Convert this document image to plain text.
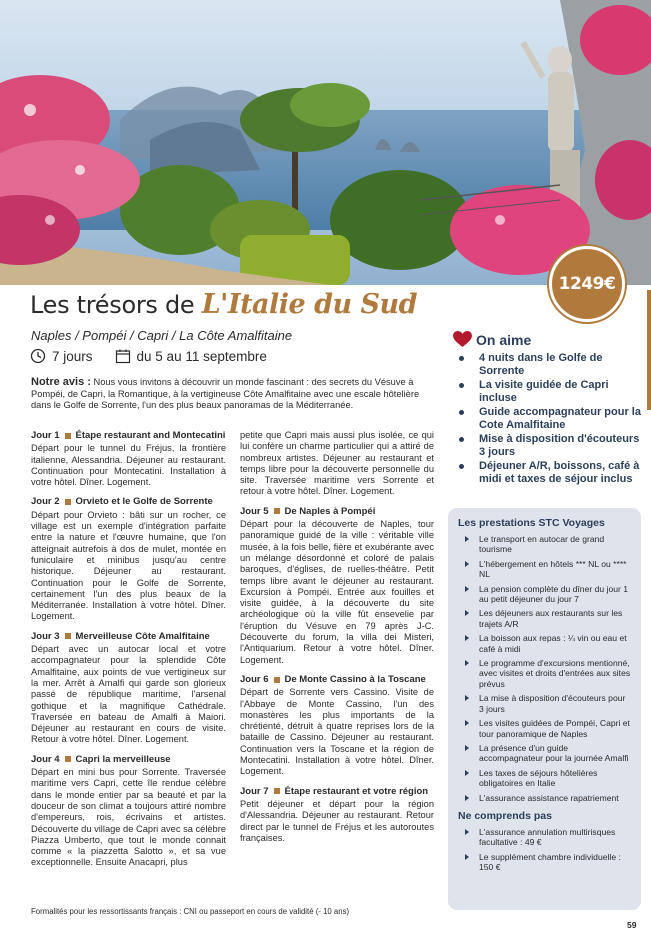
1249€
Les trésors de L'Italie du Sud
Naples / Pompéi / Capri / La Côte Amalfitaine
7 jours	du 5 au 11 septembre
Notre avis : Nous vous invitons à découvrir un monde fascinant : des secrets du Vésuve à Pompéi, de Capri, la Romantique, à la vertigineuse Côte Amalfitaine avec une escale hôtelière dans le Golfe de Sorrente, l'un des plus beaux panoramas de la Méditerranée.
On aime
4 nuits dans le Golfe de Sorrente
La visite guidée de Capri incluse
Guide accompagnateur pour la Cote Amalfitaine
Mise à disposition d'écouteurs 3 jours
Déjeuner A/R, boissons, café à midi et taxes de séjour inclus
Jour 1 Étape restaurant and Montecatini
Départ pour le tunnel du Fréjus, la frontière italienne, Alessandria. Déjeuner au restaurant. Continuation pour Montecatini. Installation à votre hôtel. Dîner. Logement.
Jour 2 Orvieto et le Golfe de Sorrente
Départ pour Orvieto : bâti sur un rocher, ce village est un exemple d'intégration parfaite entre la nature et l'œuvre humaine, que l'on atteignait autrefois à dos de mulet, montée en funiculaire et minibus jusqu'au centre historique. Déjeuner au restaurant. Continuation pour le Golfe de Sorrente, certainement l'un des plus beaux de la Méditerranée. Installation à votre hôtel. Dîner. Logement.
Jour 3 Merveilleuse Côte Amalfitaine
Départ avec un autocar local et votre accompagnateur pour la splendide Côte Amalfitaine, aux points de vue vertigineux sur la mer. Arrêt à Amalfi qui garde son glorieux passé de république maritime, l'arsenal gothique et la magnifique Cathédrale. Traversée en bateau de Amalfi à Maiori. Déjeuner au restaurant en cours de visite. Retour à votre hôtel. Dîner. Logement.
Jour 4 Capri la merveilleuse
Départ en mini bus pour Sorrente. Traversée maritime vers Capri, cette île rendue célèbre dans le monde entier par sa beauté et par la douceur de son climat a toujours attiré nombre d'empereurs, rois, écrivains et artistes. Découverte du village de Capri avec sa célèbre Piazza Umberto, que tout le monde connait comme « la piazzetta Salotto », et sa vue exceptionnelle. Ensuite Anacapri, plus
petite que Capri mais aussi plus isolée, ce qui lui confère un charme particulier qui a attiré de nombreux artistes. Déjeuner au restaurant et temps libre pour la découverte personnelle du site. Traversée maritime vers Sorrente et retour à votre hôtel. Dîner. Logement.
Jour 5 De Naples à Pompéi
Départ pour la découverte de Naples, tour panoramique guidé de la ville : véritable ville musée, à la fois belle, fière et exubérante avec un mélange désordonné et coloré de palais baroques, d'églises, de ruelles-théâtre. Petit temps libre avant le déjeuner au restaurant. Excursion à Pompéi. Entrée aux fouilles et visite guidée, à la découverte du site archéologique où la ville fût ensevelie par l'éruption du Vésuve en 79 après J-C. Découverte du forum, la villa dei Misteri, l'Antiquarium. Retour à votre hôtel. Dîner. Logement.
Jour 6 De Monte Cassino à la Toscane
Départ de Sorrente vers Cassino. Visite de l'Abbaye de Monte Cassino, l'un des monastères les plus importants de la chrétienté, détruit à quatre reprises lors de la bataille de Cassino. Déjeuner au restaurant. Continuation vers la Toscane et la région de Montecatini. Installation à votre hôtel. Dîner. Logement.
Jour 7 Étape restaurant et votre région
Petit déjeuner et départ pour la région d'Alessandria. Déjeuner au restaurant. Retour direct par le tunnel de Fréjus et les autoroutes françaises.
Les prestations STC Voyages
Le transport en autocar de grand tourisme
L'hébergement en hôtels *** NL ou **** NL
La pension complète du dîner du jour 1 au petit déjeuner du jour 7
Les déjeuners aux restaurants sur les trajets A/R
La boisson aux repas : ¼ vin ou eau et café à midi
Le programme d'excursions mentionné, avec visites et droits d'entrées aux sites prévus
La mise à disposition d'écouteurs pour 3 jours
Les visites guidées de Pompéi, Capri et tour panoramique de Naples
La présence d'un guide accompagnateur pour la journée Amalfi
Les taxes de séjours hôtelières obligatoires en Italie
L'assurance assistance rapatriement
Ne comprends pas
L'assurance annulation multirisques facultative : 49 €
Le supplément chambre individuelle : 150 €
Formalités pour les ressortissants français : CNI ou passeport en cours de validité (- 10 ans)
59
